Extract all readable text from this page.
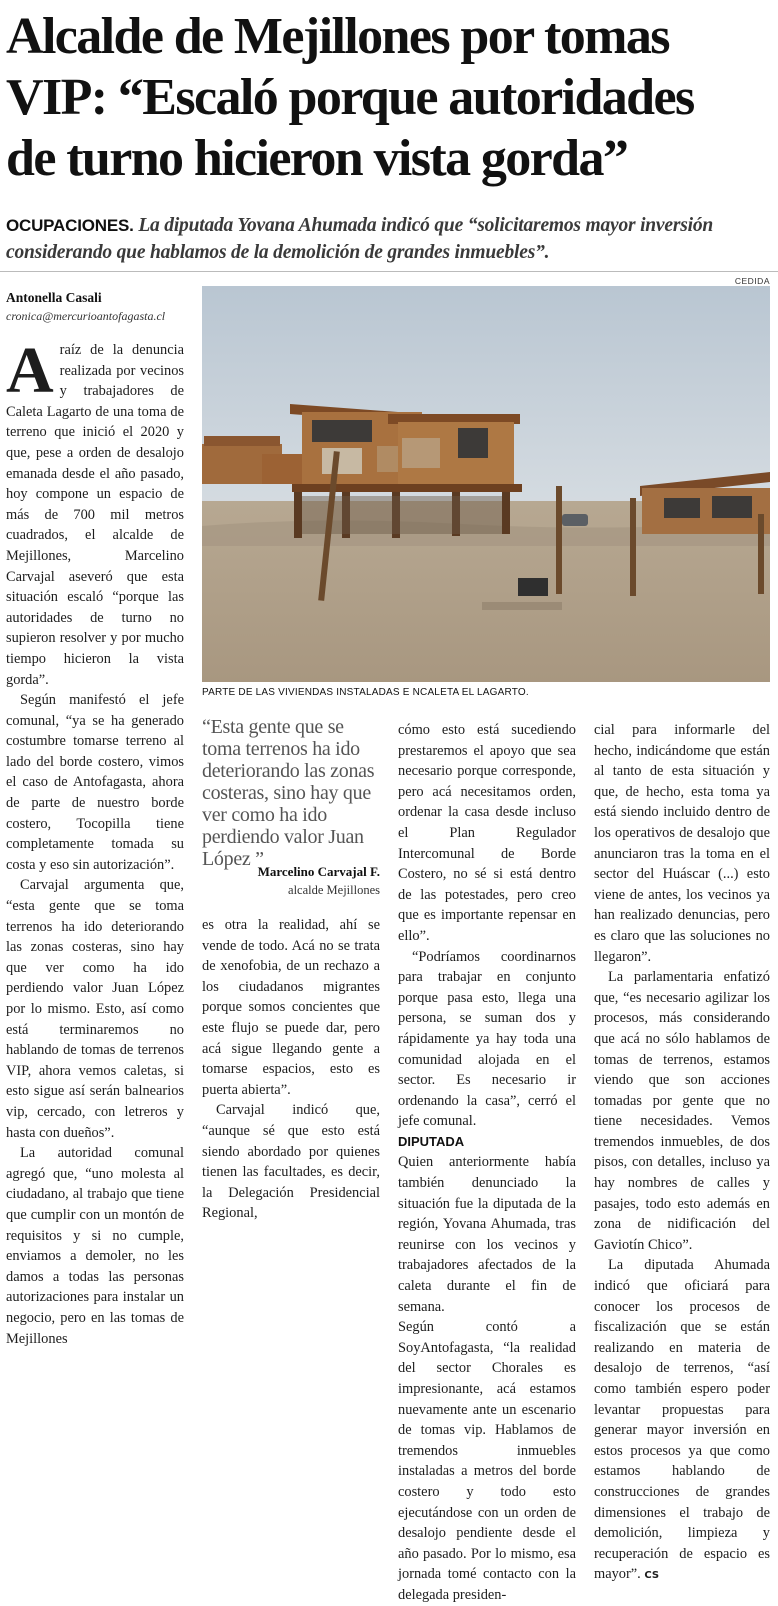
Alcalde de Mejillones por tomas
VIP: “Escaló porque autoridades
de turno hicieron vista gorda”
OCUPACIONES. La diputada Yovana Ahumada indicó que “solicitaremos mayor inversión considerando que hablamos de la demolición de grandes inmuebles”.
CEDIDA
Antonella Casali
cronica@mercurioantofagasta.cl

Araíz de la denuncia realizada por vecinos y trabajadores de Caleta Lagarto de una toma de terreno que inició el 2020 y que, pese a orden de desalojo emanada desde el año pasado, hoy compone un espacio de más de 700 mil metros cuadrados, el alcalde de Mejillones, Marcelino Carvajal aseveró que esta situación escaló “porque las autoridades de turno no supieron resolver y por mucho tiempo hicieron la vista gorda”.

Según manifestó el jefe comunal, “ya se ha generado costumbre tomarse terreno al lado del borde costero, vimos el caso de Antofagasta, ahora de parte de nuestro borde costero, Tocopilla tiene completamente tomada su costa y eso sin autorización”.

Carvajal argumenta que, “esta gente que se toma terrenos ha ido deteriorando las zonas costeras, sino hay que ver como ha ido perdiendo valor Juan López por lo mismo. Esto, así como está terminaremos no hablando de tomas de terrenos VIP, ahora vemos caletas, si esto sigue así serán balnearios vip, cercado, con letreros y hasta con dueños”.

La autoridad comunal agregó que, “uno molesta al ciudadano, al trabajo que tiene que cumplir con un montón de requisitos y si no cumple, enviamos a demoler, no les damos a todas las personas autorizaciones para instalar un negocio, pero en las tomas de Mejillones

PARTE DE LAS VIVIENDAS INSTALADAS E NCALETA EL LAGARTO.
“Esta gente que se toma terrenos ha ido deteriorando las zonas costeras, sino hay que ver como ha ido perdiendo valor Juan López ”
Marcelino Carvajal F.
alcalde Mejillones

es otra la realidad, ahí se vende de todo. Acá no se trata de xenofobia, de un rechazo a los ciudadanos migrantes porque somos concientes que este flujo se puede dar, pero acá sigue llegando gente a tomarse espacios, esto es puerta abierta”.

Carvajal indicó que, “aunque sé que esto está siendo abordado por quienes tienen las facultades, es decir, la Delegación Presidencial Regional,

cómo esto está sucediendo prestaremos el apoyo que sea necesario porque corresponde, pero acá necesitamos orden, ordenar la casa desde incluso el Plan Regulador Intercomunal de Borde Costero, no sé si está dentro de las potestades, pero creo que es importante repensar en ello”.

“Podríamos coordinarnos para trabajar en conjunto porque pasa esto, llega una persona, se suman dos y rápidamente ya hay toda una comunidad alojada en el sector. Es necesario ir ordenando la casa”, cerró el jefe comunal.

DIPUTADA

Quien anteriormente había también denunciado la situación fue la diputada de la región, Yovana Ahumada, tras reunirse con los vecinos y trabajadores afectados de la caleta durante el fin de semana.

Según contó a SoyAntofagasta, “la realidad del sector Chorales es impresionante, acá estamos nuevamente ante un escenario de tomas vip. Hablamos de tremendos inmuebles instaladas a metros del borde costero y todo esto ejecutándose con un orden de desalojo pendiente desde el año pasado. Por lo mismo, esa jornada tomé contacto con la delegada presiden-

cial para informarle del hecho, indicándome que están al tanto de esta situación y que, de hecho, esta toma ya está siendo incluido dentro de los operativos de desalojo que anunciaron tras la toma en el sector del Huáscar (...) esto viene de antes, los vecinos ya han realizado denuncias, pero es claro que las soluciones no llegaron”.

La parlamentaria enfatizó que, “es necesario agilizar los procesos, más considerando que acá no sólo hablamos de tomas de terrenos, estamos viendo que son acciones tomadas por gente que no tiene necesidades. Vemos tremendos inmuebles, de dos pisos, con detalles, incluso ya hay nombres de calles y pasajes, todo esto además en zona de nidificación del Gaviotín Chico”.

La diputada Ahumada indicó que oficiará para conocer los procesos de fiscalización que se están realizando en materia de desalojo de terrenos, “así como también espero poder levantar propuestas para generar mayor inversión en estos procesos ya que como estamos hablando de construcciones de grandes dimensiones el trabajo de demolición, limpieza y recuperación de espacio es mayor”. CS
